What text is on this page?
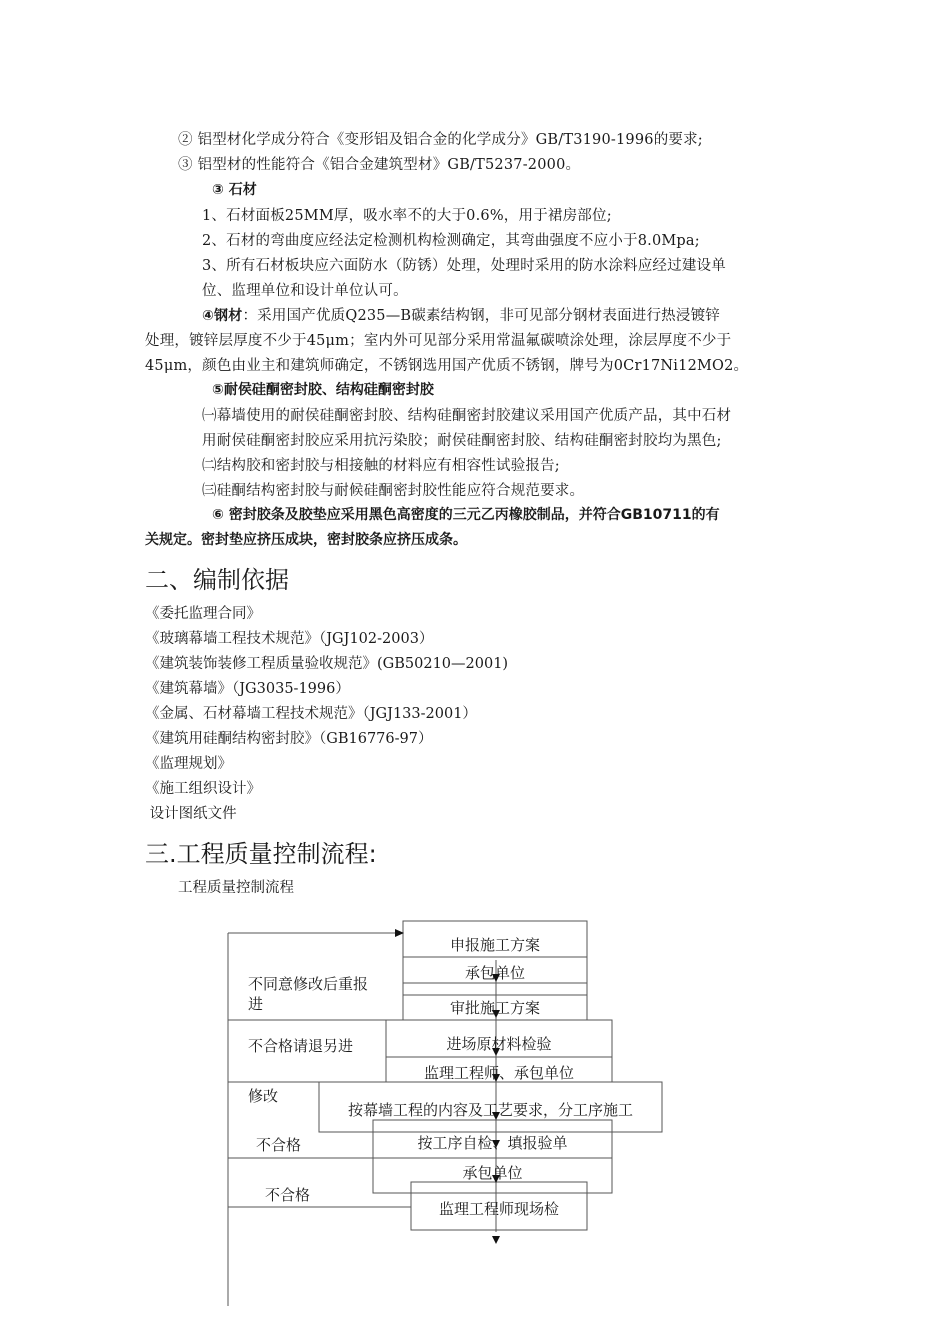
② 铝型材化学成分符合《变形铝及铝合金的化学成分》GB/T3190-1996的要求;
③ 铝型材的性能符合《铝合金建筑型材》GB/T5237-2000。
③ 石材
1、石材面板25MM厚，吸水率不的大于0.6%，用于裙房部位;
2、石材的弯曲度应经法定检测机构检测确定，其弯曲强度不应小于8.0Mpa;
3、所有石材板块应六面防水（防锈）处理，处理时采用的防水涂料应经过建设单
位、监理单位和设计单位认可。
④钢材：采用国产优质Q235—B碳素结构钢，非可见部分钢材表面进行热浸镀锌
处理，镀锌层厚度不少于45μm；室内外可见部分采用常温氟碳喷涂处理，涂层厚度不少于
45μm，颜色由业主和建筑师确定，不锈钢选用国产优质不锈钢，牌号为0Cr17Ni12MO2。
⑤耐侯硅酮密封胶、结构硅酮密封胶
㈠幕墙使用的耐侯硅酮密封胶、结构硅酮密封胶建议采用国产优质产品，其中石材
用耐侯硅酮密封胶应采用抗污染胶；耐侯硅酮密封胶、结构硅酮密封胶均为黑色;
㈡结构胶和密封胶与相接触的材料应有相容性试验报告;
㈢硅酮结构密封胶与耐候硅酮密封胶性能应符合规范要求。
⑥ 密封胶条及胶垫应采用黑色高密度的三元乙丙橡胶制品，并符合GB10711的有
关规定。密封垫应挤压成块，密封胶条应挤压成条。
二、编制依据
《委托监理合同》
《玻璃幕墙工程技术规范》（JGJ102-2003）
《建筑装饰装修工程质量验收规范》(GB50210—2001)
《建筑幕墙》（JG3035-1996）
《金属、石材幕墙工程技术规范》（JGJ133-2001）
《建筑用硅酮结构密封胶》（GB16776-97）
《监理规划》
《施工组织设计》
设计图纸文件
三.工程质量控制流程:
工程质量控制流程
申报施工方案
承包单位
审批施工方案
进场原材料检验
监理工程师、承包单位
按幕墙工程的内容及工艺要求，分工序施工
按工序自检、填报验单
承包单位
监理工程师现场检
不同意修改后重报
进
不合格请退另进
修改
不合格
不合格
